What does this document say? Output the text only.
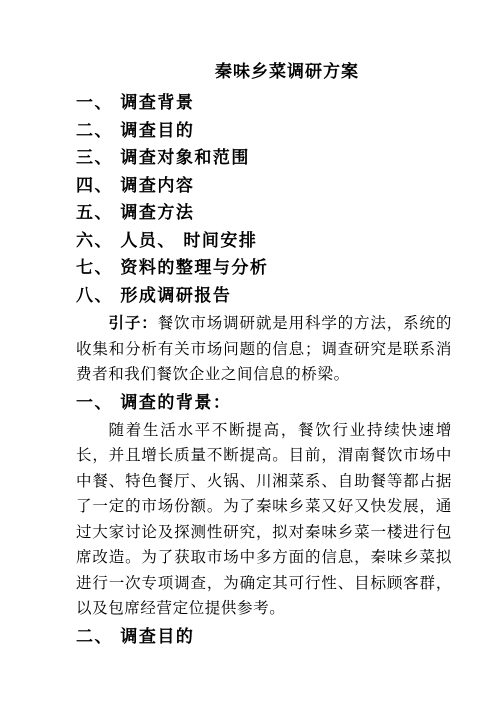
秦味乡菜调研方案
一、 调查背景
二、 调查目的
三、 调查对象和范围
四、 调查内容
五、 调查方法
六、 人员、 时间安排
七、 资料的整理与分析
八、 形成调研报告

引子：餐饮市场调研就是用科学的方法，系统的收集和分析有关市场问题的信息；调查研究是联系消费者和我们餐饮企业之间信息的桥梁。

一、 调查的背景：

随着生活水平不断提高，餐饮行业持续快速增长，并且增长质量不断提高。目前，渭南餐饮市场中中餐、特色餐厅、火锅、川湘菜系、自助餐等都占据了一定的市场份额。为了秦味乡菜又好又快发展，通过大家讨论及探测性研究，拟对秦味乡菜一楼进行包席改造。为了获取市场中多方面的信息，秦味乡菜拟进行一次专项调查，为确定其可行性、目标顾客群，以及包席经营定位提供参考。

二、 调查目的
